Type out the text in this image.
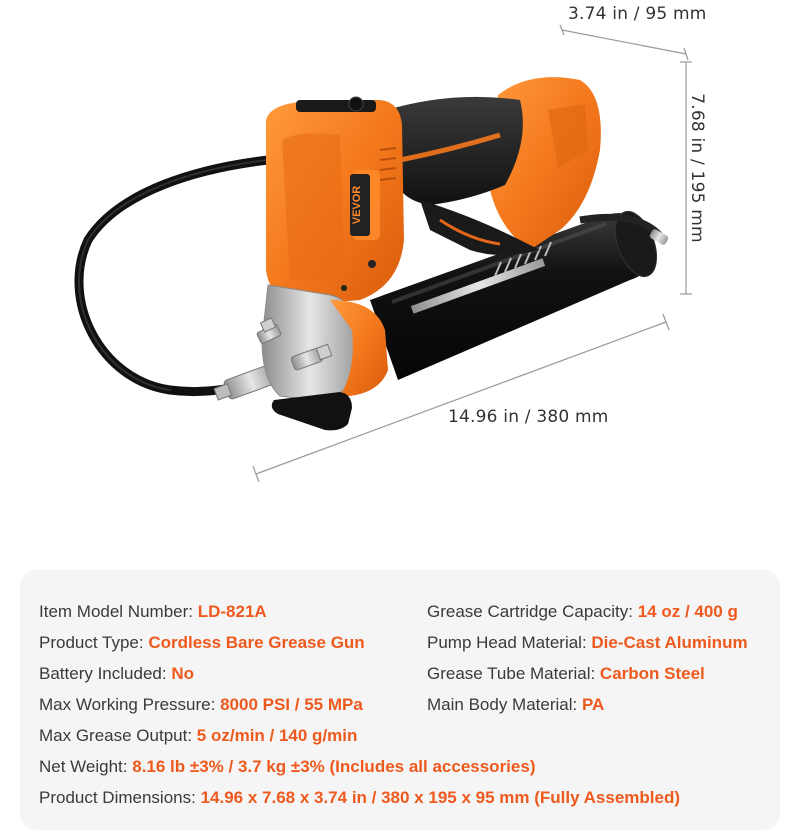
VEVOR
3.74 in / 95 mm
7.68 in / 195 mm
14.96 in / 380 mm
Item Model Number: LD-821A
Product Type: Cordless Bare Grease Gun
Battery Included: No
Max Working Pressure: 8000 PSI / 55 MPa
Max Grease Output: 5 oz/min / 140 g/min
Grease Cartridge Capacity: 14 oz / 400 g
Pump Head Material: Die-Cast Aluminum
Grease Tube Material: Carbon Steel
Main Body Material: PA
Net Weight: 8.16 lb ±3% / 3.7 kg ±3% (Includes all accessories)
Product Dimensions: 14.96 x 7.68 x 3.74 in / 380 x 195 x 95 mm (Fully Assembled)
